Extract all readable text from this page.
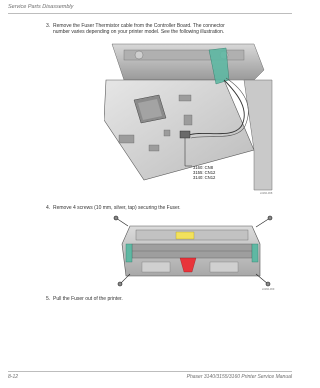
Service Parts Disassembly
3. Remove the Fuser Thermistor cable from the Controller Board. The connector
number varies depending on your printer model. See the following illustration.
3160: CN8
3155: CN12
3140: CN12
s3160-068
4. Remove 4 screws (10 mm, silver, tap) securing the Fuser.
s3160-069
5. Pull the Fuser out of the printer.
8-12	Phaser 3140/3155/3160 Printer Service Manual
